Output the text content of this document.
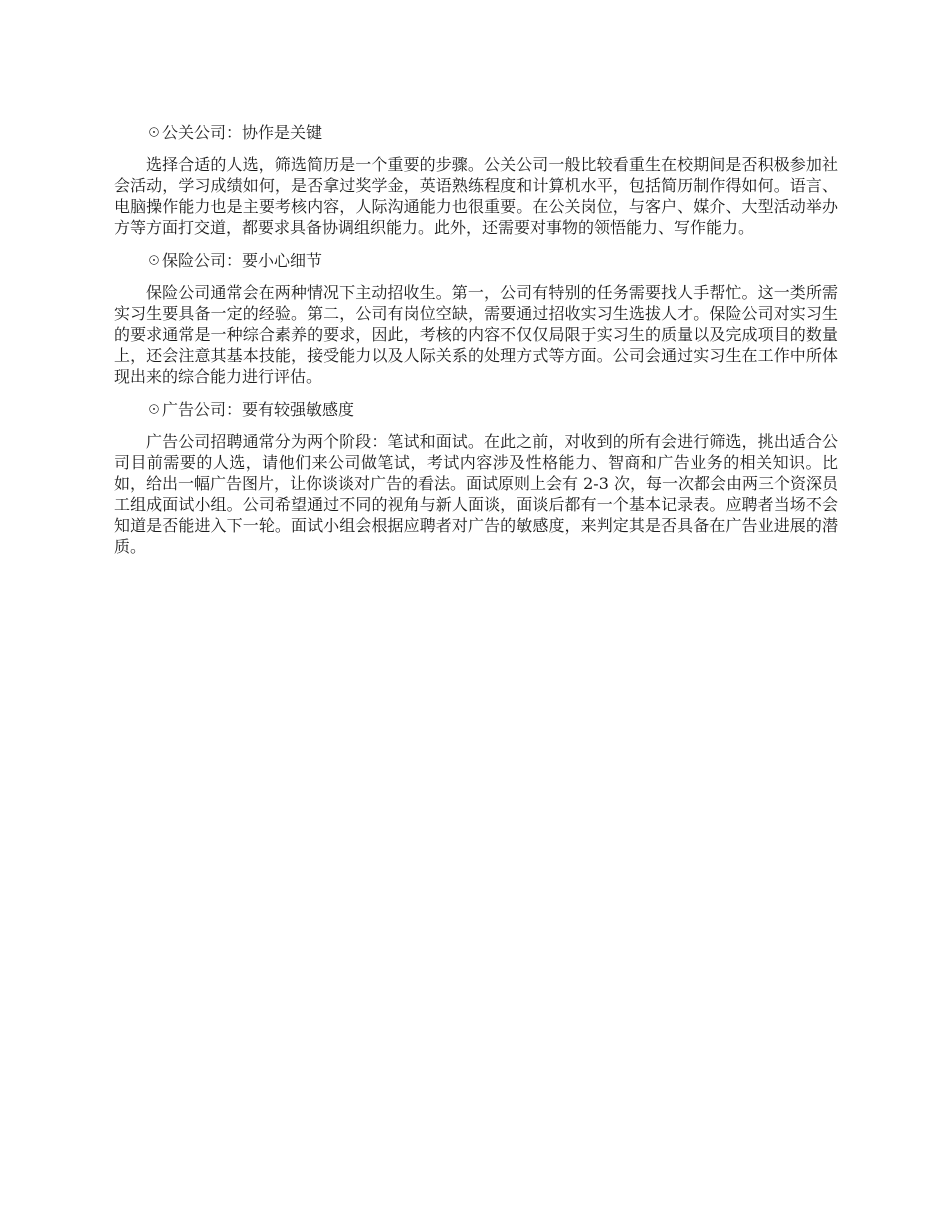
☉公关公司：协作是关键

选择合适的人选，筛选简历是一个重要的步骤。公关公司一般比较看重生在校期间是否积极参加社会活动，学习成绩如何，是否拿过奖学金，英语熟练程度和计算机水平，包括简历制作得如何。语言、电脑操作能力也是主要考核内容，人际沟通能力也很重要。在公关岗位，与客户、媒介、大型活动举办方等方面打交道，都要求具备协调组织能力。此外，还需要对事物的领悟能力、写作能力。

☉保险公司：要小心细节

保险公司通常会在两种情况下主动招收生。第一，公司有特别的任务需要找人手帮忙。这一类所需实习生要具备一定的经验。第二，公司有岗位空缺，需要通过招收实习生选拔人才。保险公司对实习生的要求通常是一种综合素养的要求，因此，考核的内容不仅仅局限于实习生的质量以及完成项目的数量上，还会注意其基本技能，接受能力以及人际关系的处理方式等方面。公司会通过实习生在工作中所体现出来的综合能力进行评估。

☉广告公司：要有较强敏感度

广告公司招聘通常分为两个阶段：笔试和面试。在此之前，对收到的所有会进行筛选，挑出适合公司目前需要的人选，请他们来公司做笔试，考试内容涉及性格能力、智商和广告业务的相关知识。比如，给出一幅广告图片，让你谈谈对广告的看法。面试原则上会有 2-3 次，每一次都会由两三个资深员工组成面试小组。公司希望通过不同的视角与新人面谈，面谈后都有一个基本记录表。应聘者当场不会知道是否能进入下一轮。面试小组会根据应聘者对广告的敏感度，来判定其是否具备在广告业进展的潜质。
